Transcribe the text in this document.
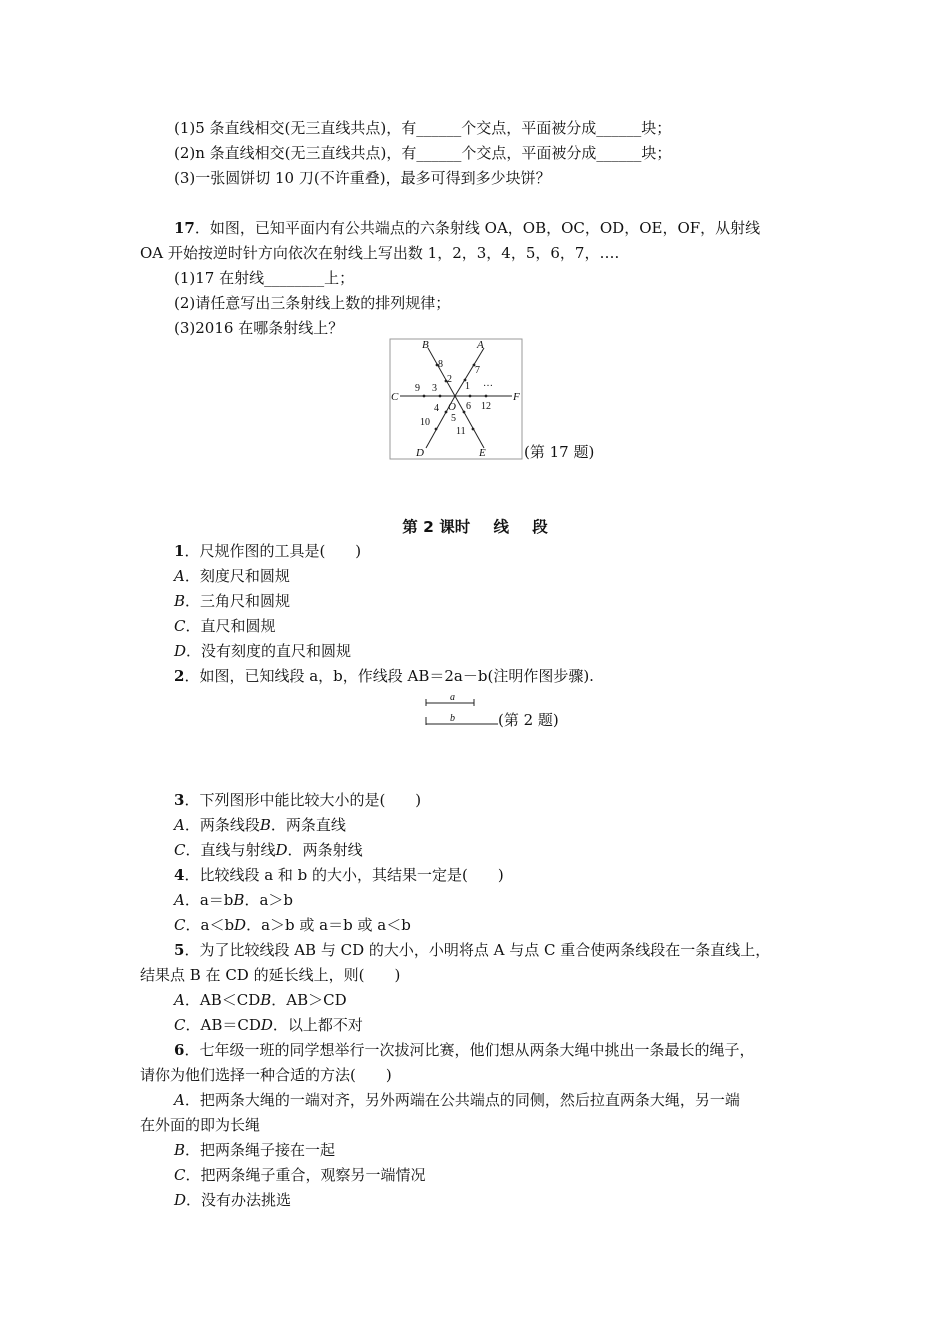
(1)5 条直线相交(无三直线共点)，有______个交点，平面被分成______块；
(2)n 条直线相交(无三直线共点)，有______个交点，平面被分成______块；
(3)一张圆饼切 10 刀(不许重叠)，最多可得到多少块饼？
17．如图，已知平面内有公共端点的六条射线 OA，OB，OC，OD，OE，OF，从射线
OA 开始按逆时针方向依次在射线上写出数 1，2，3，4，5，6，7，….
(1)17 在射线________上；
(2)请任意写出三条射线上数的排列规律；
(3)2016 在哪条射线上？
A
B
C
D	E
F
O
1
2
3
4
5
6
7
8
9
10
11
12
…
(第 17 题)
第 2 课时 线 段
1．尺规作图的工具是(　　)
A．刻度尺和圆规
B．三角尺和圆规
C．直尺和圆规
D．没有刻度的直尺和圆规
2．如图，已知线段 a，b，作线段 AB＝2a－b(注明作图步骤).
a
b	(第 2 题)
3．下列图形中能比较大小的是(　　)
A．两条线段B．两条直线
C．直线与射线D．两条射线
4．比较线段 a 和 b 的大小，其结果一定是(　　)
A．a＝bB．a＞b
C．a＜bD．a＞b 或 a＝b 或 a＜b
5．为了比较线段 AB 与 CD 的大小，小明将点 A 与点 C 重合使两条线段在一条直线上，
结果点 B 在 CD 的延长线上，则(　　)
A．AB＜CDB．AB＞CD
C．AB＝CDD．以上都不对
6．七年级一班的同学想举行一次拔河比赛，他们想从两条大绳中挑出一条最长的绳子，
请你为他们选择一种合适的方法(　　)
A．把两条大绳的一端对齐，另外两端在公共端点的同侧，然后拉直两条大绳，另一端
在外面的即为长绳
B．把两条绳子接在一起
C．把两条绳子重合，观察另一端情况
D．没有办法挑选
